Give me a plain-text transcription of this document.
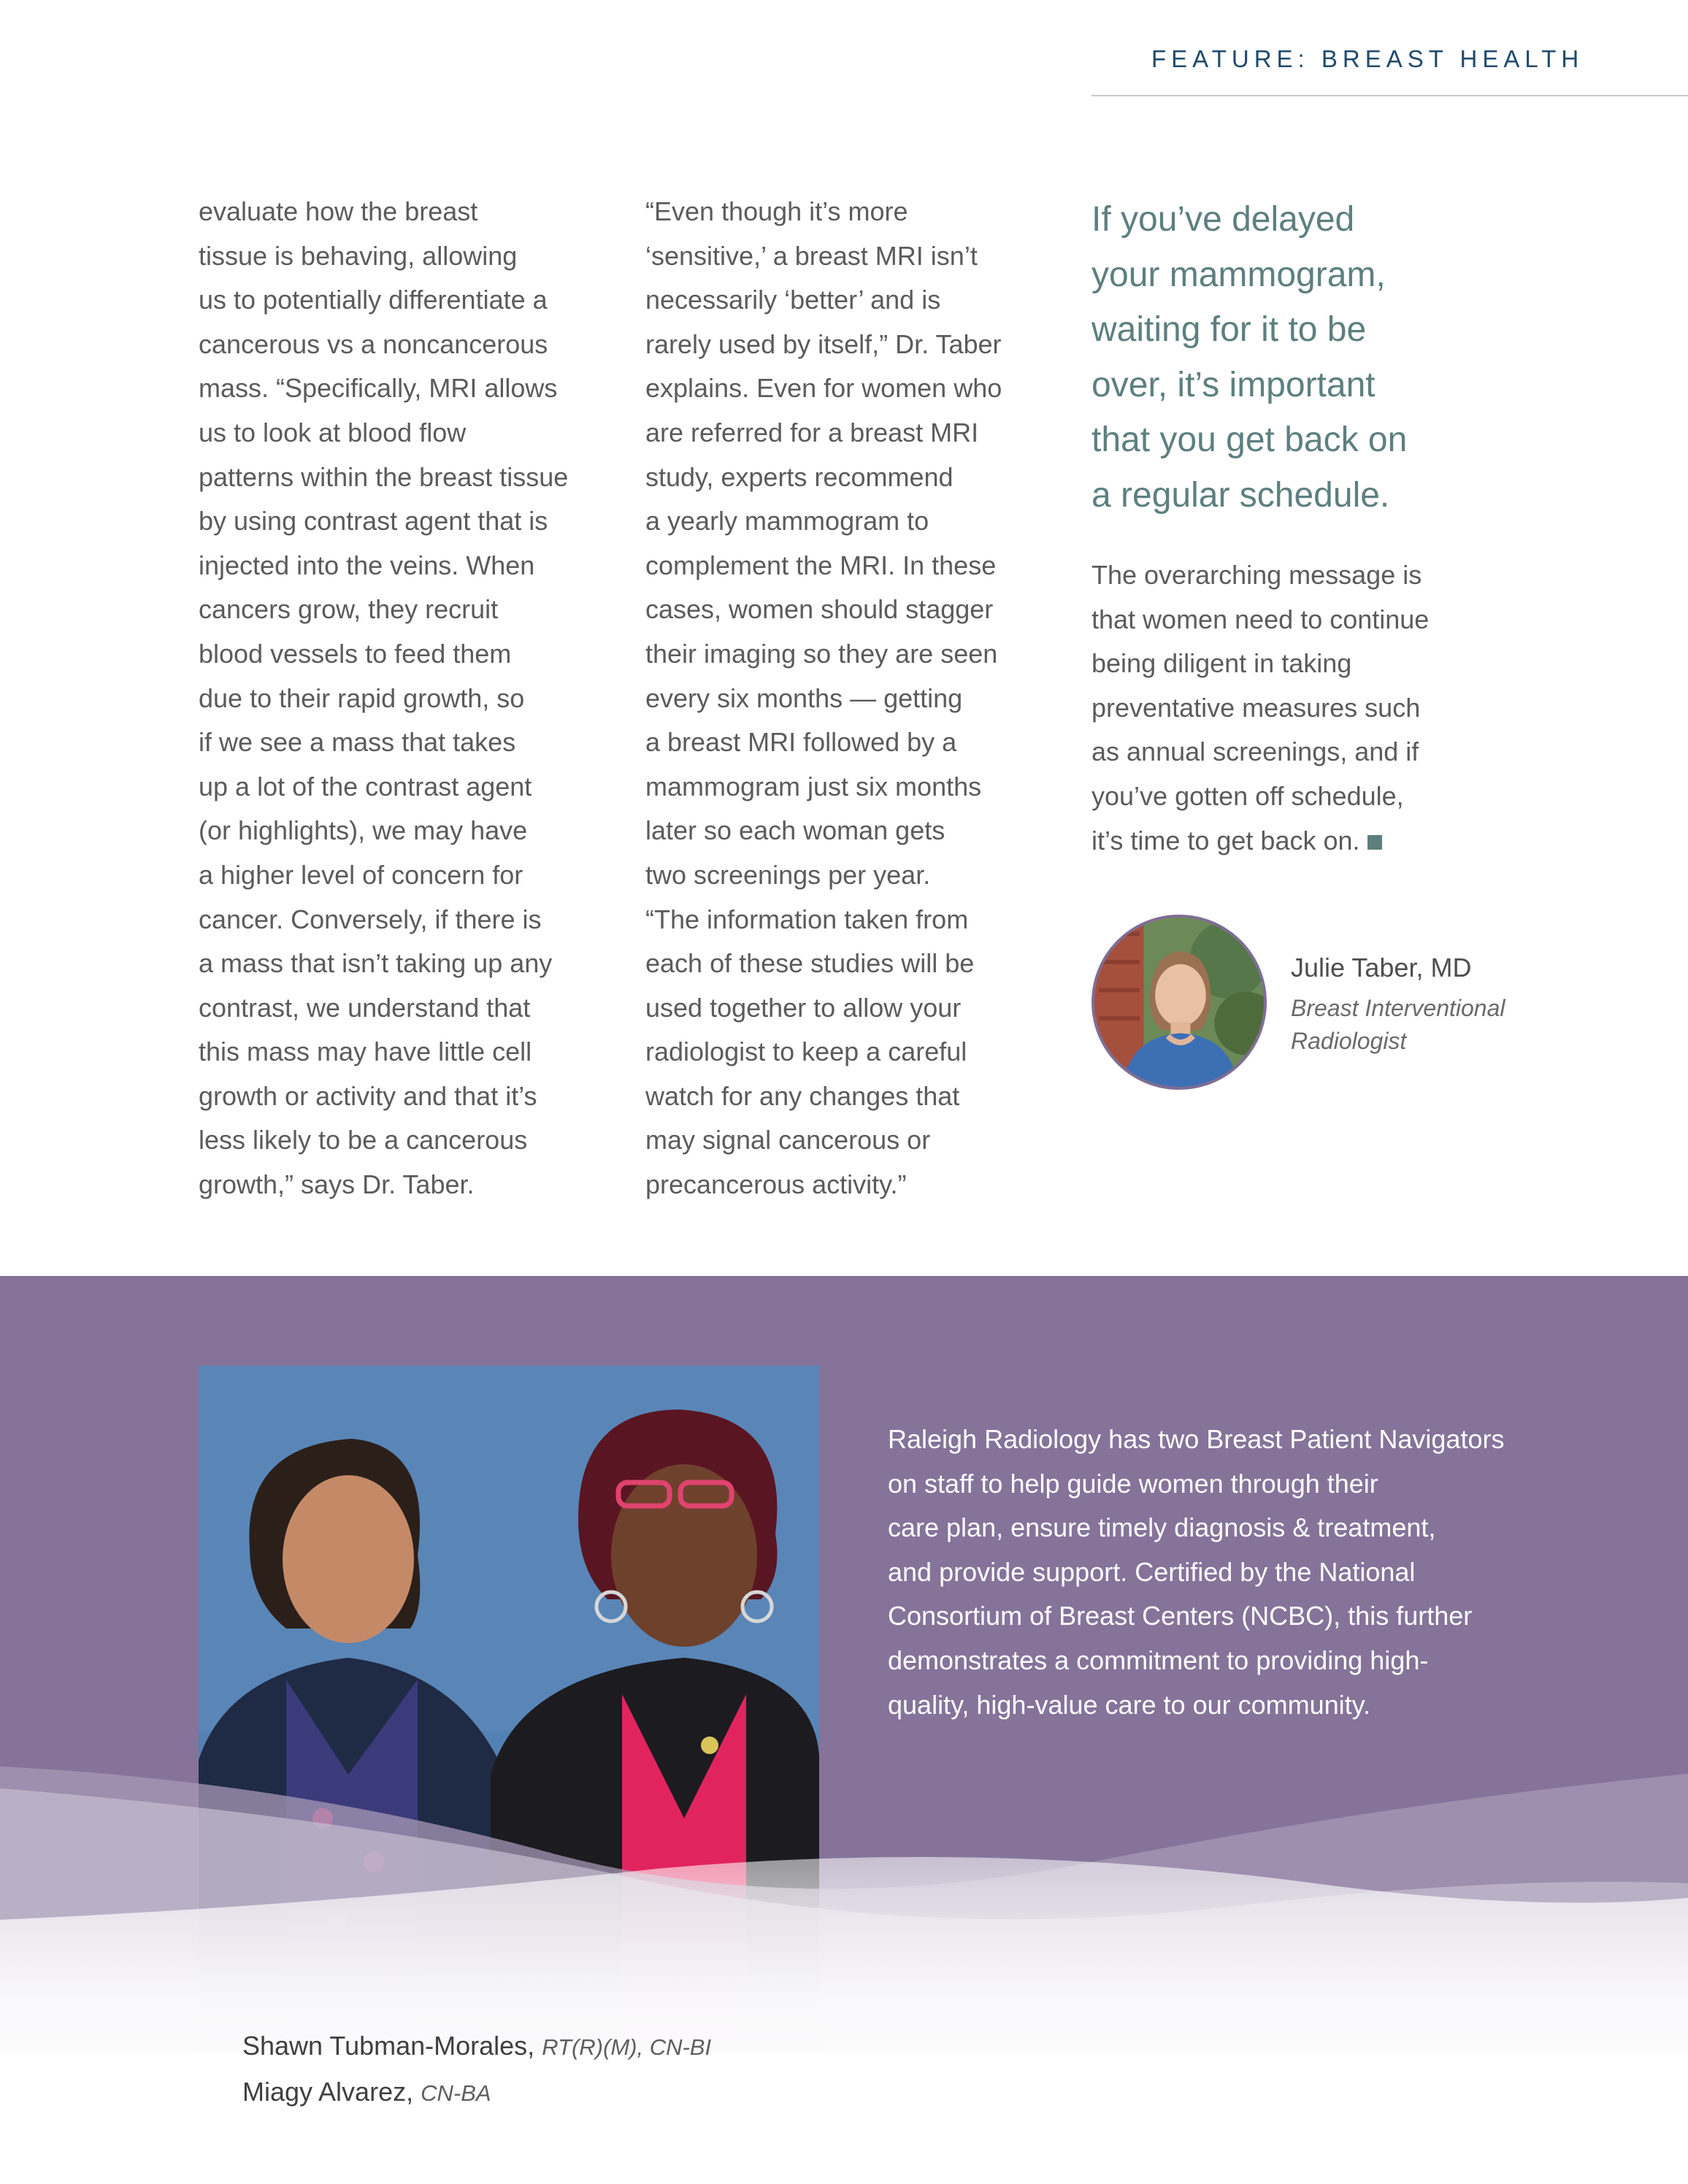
FEATURE: BREAST HEALTH
evaluate how the breast
tissue is behaving, allowing
us to potentially differentiate a
cancerous vs a noncancerous
mass. “Specifically, MRI allows
us to look at blood flow
patterns within the breast tissue
by using contrast agent that is
injected into the veins. When
cancers grow, they recruit
blood vessels to feed them
due to their rapid growth, so
if we see a mass that takes
up a lot of the contrast agent
(or highlights), we may have
a higher level of concern for
cancer. Conversely, if there is
a mass that isn’t taking up any
contrast, we understand that
this mass may have little cell
growth or activity and that it’s
less likely to be a cancerous
growth,” says Dr. Taber.
“Even though it’s more
‘sensitive,’ a breast MRI isn’t
necessarily ‘better’ and is
rarely used by itself,” Dr. Taber
explains. Even for women who
are referred for a breast MRI
study, experts recommend
a yearly mammogram to
complement the MRI. In these
cases, women should stagger
their imaging so they are seen
every six months — getting
a breast MRI followed by a
mammogram just six months
later so each woman gets
two screenings per year.
“The information taken from
each of these studies will be
used together to allow your
radiologist to keep a careful
watch for any changes that
may signal cancerous or
precancerous activity.”
If you’ve delayed
your mammogram,
waiting for it to be
over, it’s important
that you get back on
a regular schedule.
The overarching message is
that women need to continue
being diligent in taking
preventative measures such
as annual screenings, and if
you’ve gotten off schedule,
it’s time to get back on.
Julie Taber, MD
Breast Interventional
Radiologist
Raleigh Radiology has two Breast Patient Navigators
on staff to help guide women through their
care plan, ensure timely diagnosis & treatment,
and provide support. Certified by the National
Consortium of Breast Centers (NCBC), this further
demonstrates a commitment to providing high-
quality, high-value care to our community.
Shawn Tubman-Morales, RT(R)(M), CN-BI
Miagy Alvarez, CN-BA
